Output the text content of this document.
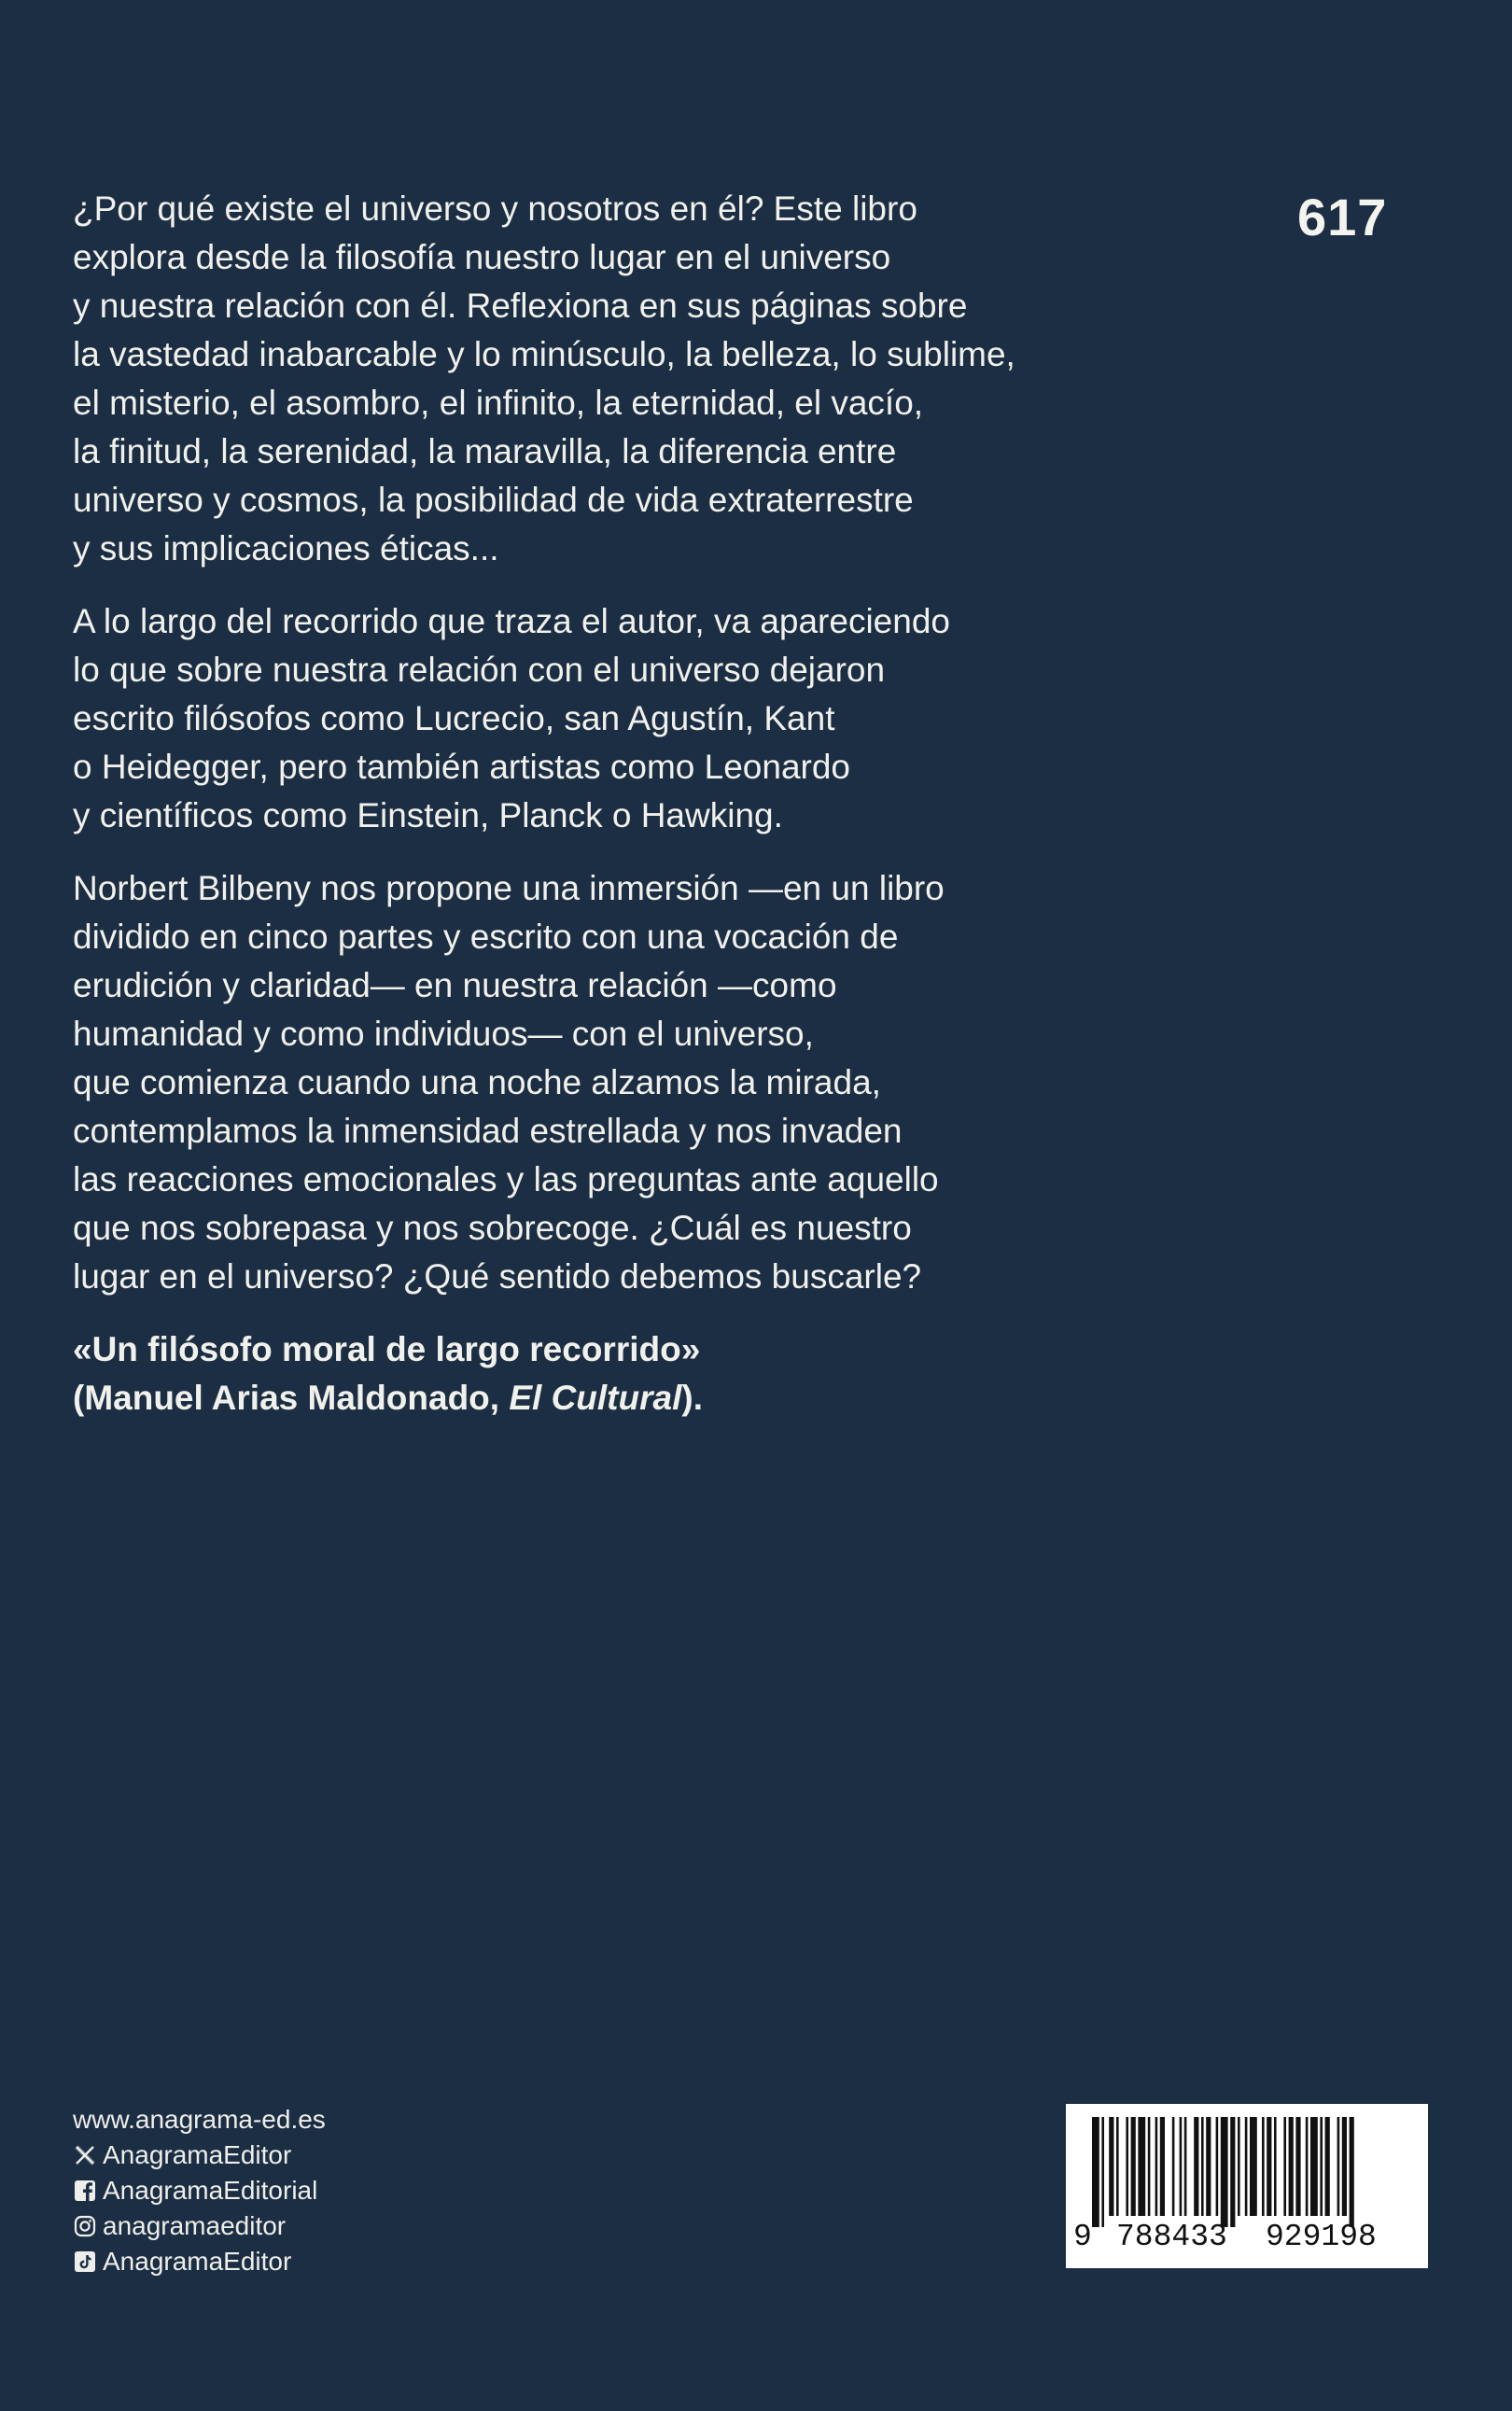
617

¿Por qué existe el universo y nosotros en él? Este libro
explora desde la filosofía nuestro lugar en el universo
y nuestra relación con él. Reflexiona en sus páginas sobre
la vastedad inabarcable y lo minúsculo, la belleza, lo sublime,
el misterio, el asombro, el infinito, la eternidad, el vacío,
la finitud, la serenidad, la maravilla, la diferencia entre
universo y cosmos, la posibilidad de vida extraterrestre
y sus implicaciones éticas...

A lo largo del recorrido que traza el autor, va apareciendo
lo que sobre nuestra relación con el universo dejaron
escrito filósofos como Lucrecio, san Agustín, Kant
o Heidegger, pero también artistas como Leonardo
y científicos como Einstein, Planck o Hawking.

Norbert Bilbeny nos propone una inmersión —en un libro
dividido en cinco partes y escrito con una vocación de
erudición y claridad— en nuestra relación —como
humanidad y como individuos— con el universo,
que comienza cuando una noche alzamos la mirada,
contemplamos la inmensidad estrellada y nos invaden
las reacciones emocionales y las preguntas ante aquello
que nos sobrepasa y nos sobrecoge. ¿Cuál es nuestro
lugar en el universo? ¿Qué sentido debemos buscarle?

«Un filósofo moral de largo recorrido»
(Manuel Arias Maldonado, El Cultural).
www.anagrama-ed.es
AnagramaEditor
AnagramaEditorial
anagramaeditor
AnagramaEditor
9 788433 929198
